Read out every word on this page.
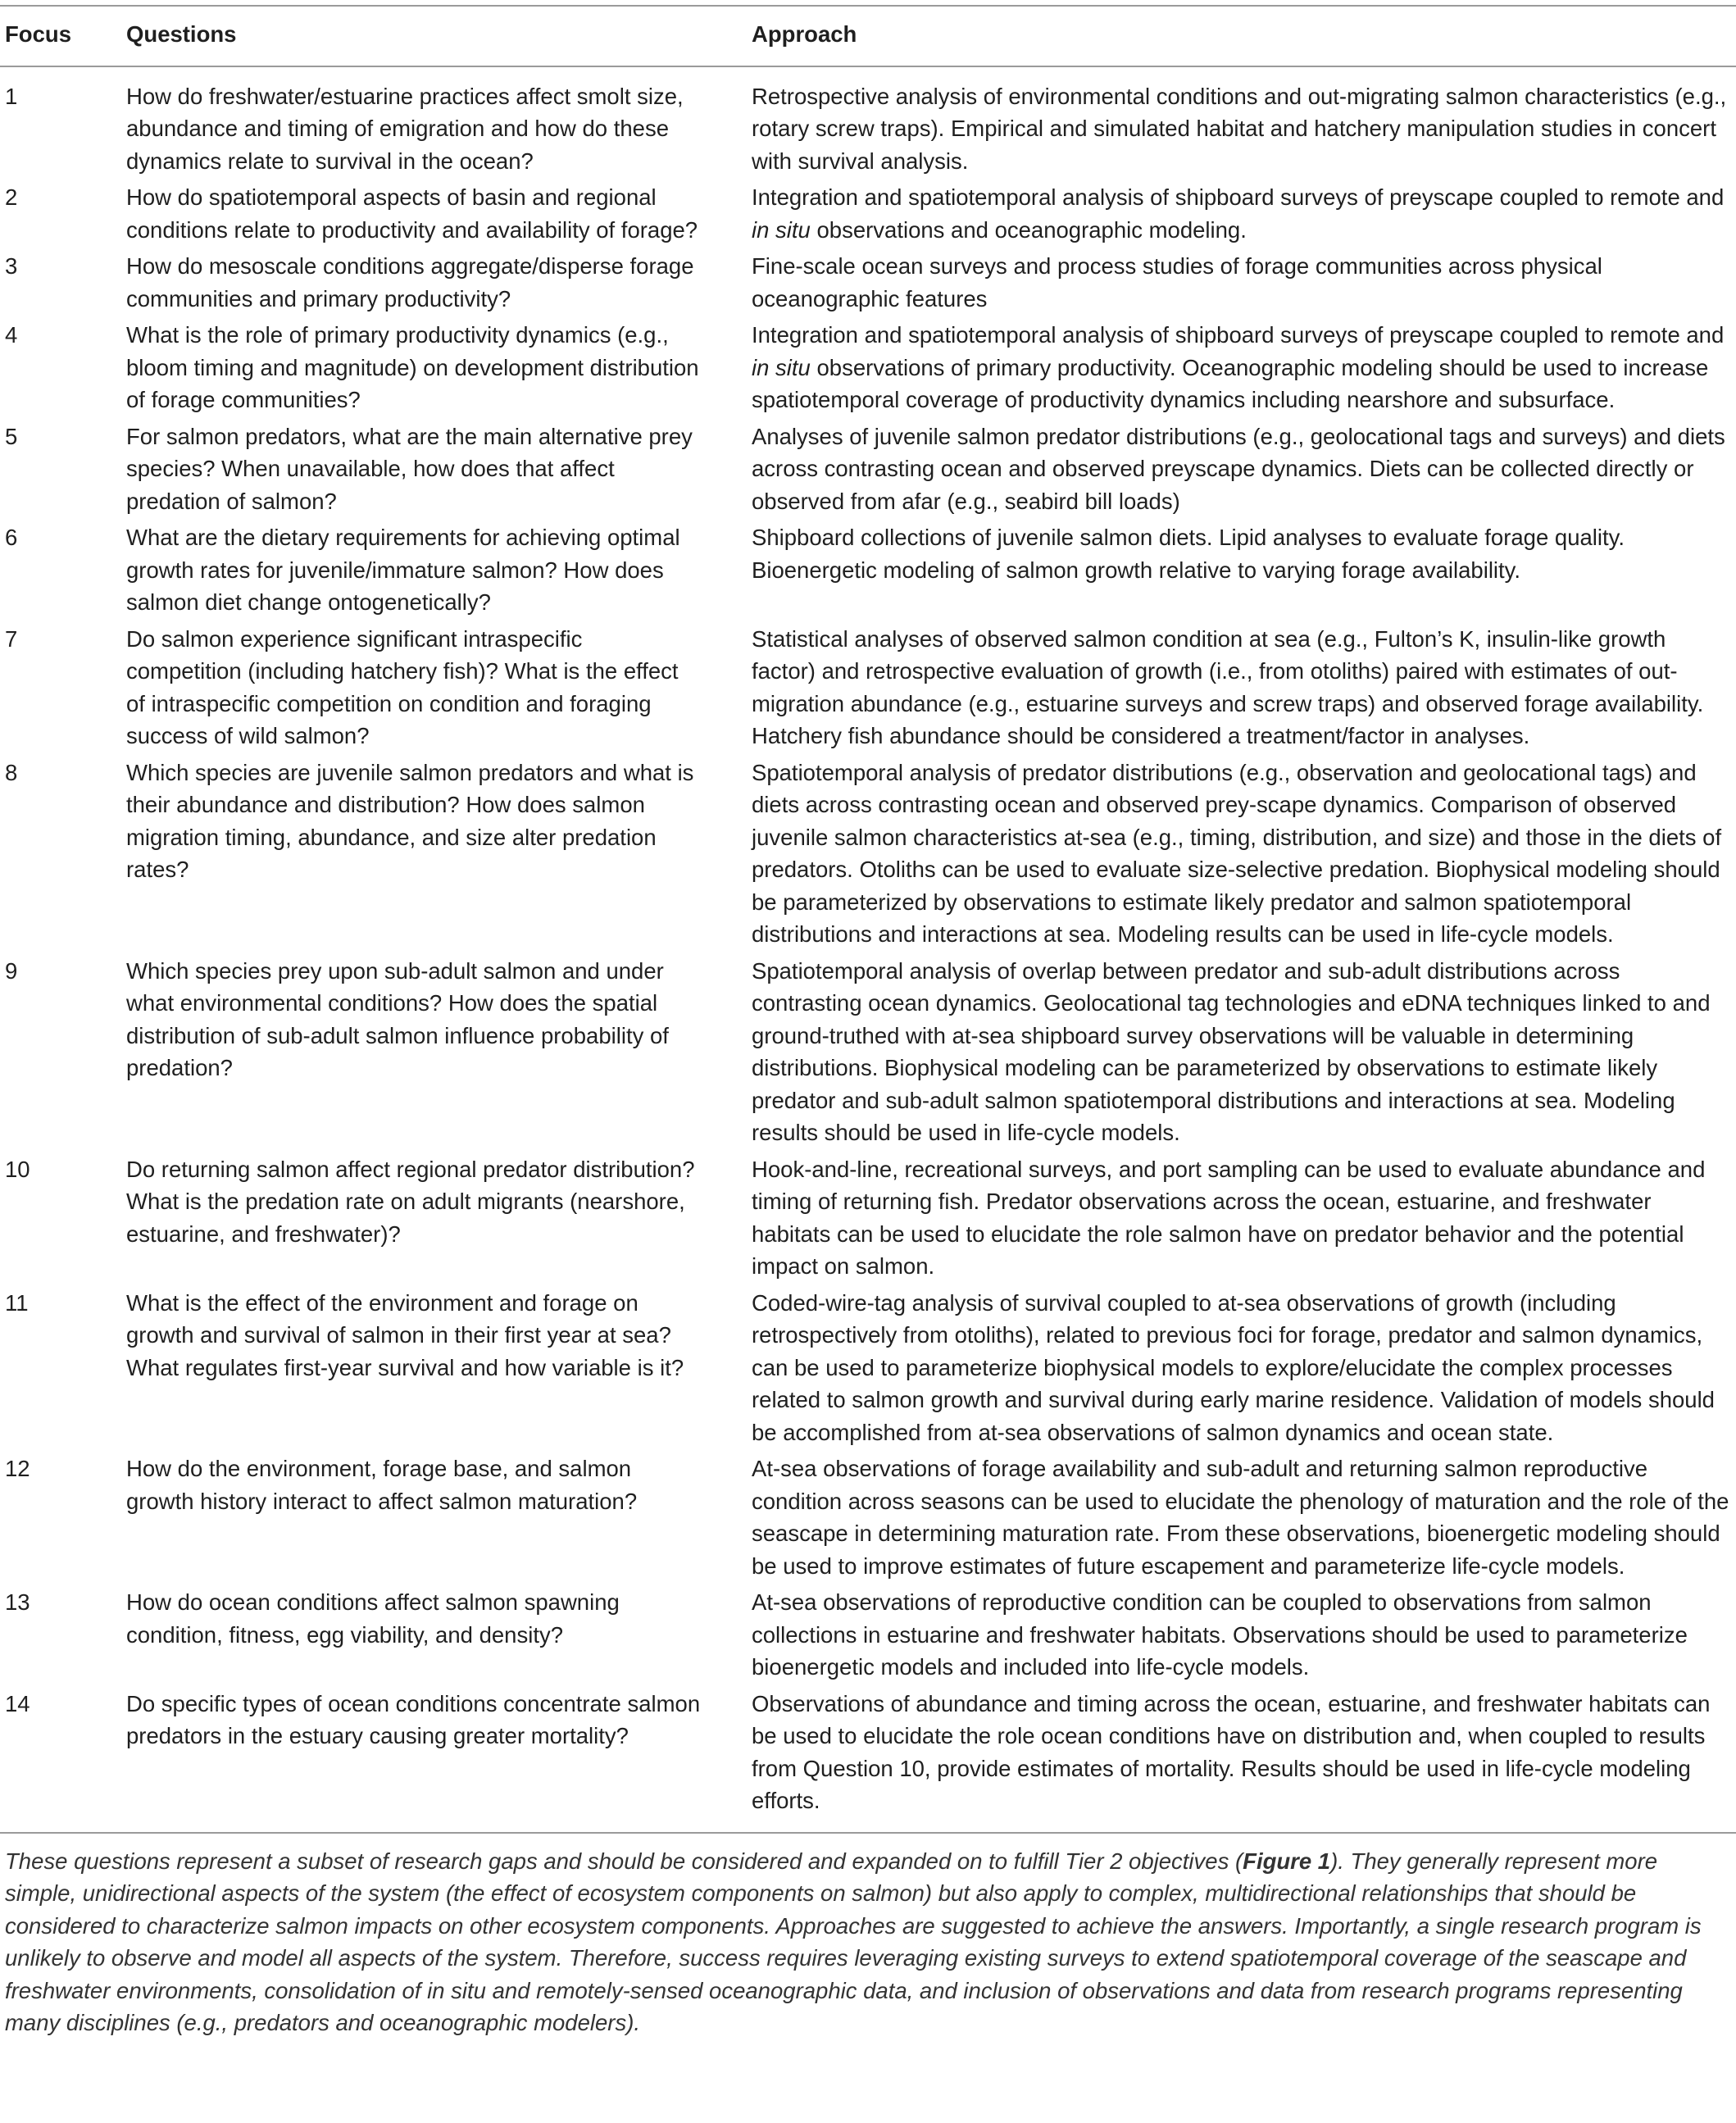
Focus	Questions	Approach
1	How do freshwater/estuarine practices affect smolt size, abundance and timing of emigration and how do these dynamics relate to survival in the ocean?	Retrospective analysis of environmental conditions and out-migrating salmon characteristics (e.g., rotary screw traps). Empirical and simulated habitat and hatchery manipulation studies in concert with survival analysis.
2	How do spatiotemporal aspects of basin and regional conditions relate to productivity and availability of forage?	Integration and spatiotemporal analysis of shipboard surveys of preyscape coupled to remote and in situ observations and oceanographic modeling.
3	How do mesoscale conditions aggregate/disperse forage communities and primary productivity?	Fine-scale ocean surveys and process studies of forage communities across physical oceanographic features
4	What is the role of primary productivity dynamics (e.g., bloom timing and magnitude) on development distribution of forage communities?	Integration and spatiotemporal analysis of shipboard surveys of preyscape coupled to remote and in situ observations of primary productivity. Oceanographic modeling should be used to increase spatiotemporal coverage of productivity dynamics including nearshore and subsurface.
5	For salmon predators, what are the main alternative prey species? When unavailable, how does that affect predation of salmon?	Analyses of juvenile salmon predator distributions (e.g., geolocational tags and surveys) and diets across contrasting ocean and observed preyscape dynamics. Diets can be collected directly or observed from afar (e.g., seabird bill loads)
6	What are the dietary requirements for achieving optimal growth rates for juvenile/immature salmon? How does salmon diet change ontogenetically?	Shipboard collections of juvenile salmon diets. Lipid analyses to evaluate forage quality. Bioenergetic modeling of salmon growth relative to varying forage availability.
7	Do salmon experience significant intraspecific competition (including hatchery fish)? What is the effect of intraspecific competition on condition and foraging success of wild salmon?	Statistical analyses of observed salmon condition at sea (e.g., Fulton’s K, insulin-like growth factor) and retrospective evaluation of growth (i.e., from otoliths) paired with estimates of out-migration abundance (e.g., estuarine surveys and screw traps) and observed forage availability. Hatchery fish abundance should be considered a treatment/factor in analyses.
8	Which species are juvenile salmon predators and what is their abundance and distribution? How does salmon migration timing, abundance, and size alter predation rates?	Spatiotemporal analysis of predator distributions (e.g., observation and geolocational tags) and diets across contrasting ocean and observed prey-scape dynamics. Comparison of observed juvenile salmon characteristics at-sea (e.g., timing, distribution, and size) and those in the diets of predators. Otoliths can be used to evaluate size-selective predation. Biophysical modeling should be parameterized by observations to estimate likely predator and salmon spatiotemporal distributions and interactions at sea. Modeling results can be used in life-cycle models.
9	Which species prey upon sub-adult salmon and under what environmental conditions? How does the spatial distribution of sub-adult salmon influence probability of predation?	Spatiotemporal analysis of overlap between predator and sub-adult distributions across contrasting ocean dynamics. Geolocational tag technologies and eDNA techniques linked to and ground-truthed with at-sea shipboard survey observations will be valuable in determining distributions. Biophysical modeling can be parameterized by observations to estimate likely predator and sub-adult salmon spatiotemporal distributions and interactions at sea. Modeling results should be used in life-cycle models.
10	Do returning salmon affect regional predator distribution? What is the predation rate on adult migrants (nearshore, estuarine, and freshwater)?	Hook-and-line, recreational surveys, and port sampling can be used to evaluate abundance and timing of returning fish. Predator observations across the ocean, estuarine, and freshwater habitats can be used to elucidate the role salmon have on predator behavior and the potential impact on salmon.
11	What is the effect of the environment and forage on growth and survival of salmon in their first year at sea? What regulates first-year survival and how variable is it?	Coded-wire-tag analysis of survival coupled to at-sea observations of growth (including retrospectively from otoliths), related to previous foci for forage, predator and salmon dynamics, can be used to parameterize biophysical models to explore/elucidate the complex processes related to salmon growth and survival during early marine residence. Validation of models should be accomplished from at-sea observations of salmon dynamics and ocean state.
12	How do the environment, forage base, and salmon growth history interact to affect salmon maturation?	At-sea observations of forage availability and sub-adult and returning salmon reproductive condition across seasons can be used to elucidate the phenology of maturation and the role of the seascape in determining maturation rate. From these observations, bioenergetic modeling should be used to improve estimates of future escapement and parameterize life-cycle models.
13	How do ocean conditions affect salmon spawning condition, fitness, egg viability, and density?	At-sea observations of reproductive condition can be coupled to observations from salmon collections in estuarine and freshwater habitats. Observations should be used to parameterize bioenergetic models and included into life-cycle models.
14	Do specific types of ocean conditions concentrate salmon predators in the estuary causing greater mortality?	Observations of abundance and timing across the ocean, estuarine, and freshwater habitats can be used to elucidate the role ocean conditions have on distribution and, when coupled to results from Question 10, provide estimates of mortality. Results should be used in life-cycle modeling efforts.
These questions represent a subset of research gaps and should be considered and expanded on to fulfill Tier 2 objectives (Figure 1). They generally represent more simple, unidirectional aspects of the system (the effect of ecosystem components on salmon) but also apply to complex, multidirectional relationships that should be considered to characterize salmon impacts on other ecosystem components. Approaches are suggested to achieve the answers. Importantly, a single research program is unlikely to observe and model all aspects of the system. Therefore, success requires leveraging existing surveys to extend spatiotemporal coverage of the seascape and freshwater environments, consolidation of in situ and remotely-sensed oceanographic data, and inclusion of observations and data from research programs representing many disciplines (e.g., predators and oceanographic modelers).
